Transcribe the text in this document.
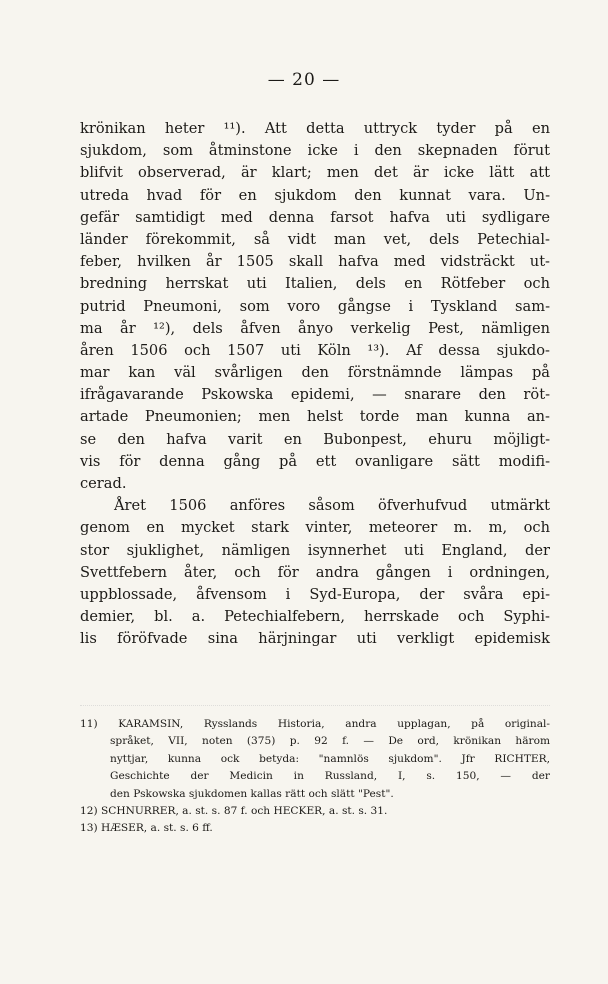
— 20 —
krönikan heter ¹¹). Att detta uttryck tyder på en
sjukdom, som åtminstone icke i den skepnaden förut
blifvit observerad, är klart; men det är icke lätt att
utreda hvad för en sjukdom den kunnat vara. Un-
gefär samtidigt med denna farsot hafva uti sydligare
länder förekommit, så vidt man vet, dels Petechial-
feber, hvilken år 1505 skall hafva med vidsträckt ut-
bredning herrskat uti Italien, dels en Rötfeber och
putrid Pneumoni, som voro gångse i Tyskland sam-
ma år ¹²), dels åfven ånyo verkelig Pest, nämligen
åren 1506 och 1507 uti Köln ¹³). Af dessa sjukdo-
mar kan väl svårligen den förstnämnde lämpas på
ifrågavarande Pskowska epidemi, — snarare den röt-
artade Pneumonien; men helst torde man kunna an-
se den hafva varit en Bubonpest, ehuru möjligt-
vis för denna gång på ett ovanligare sätt modifi-
cerad.
Året 1506 anföres såsom öfverhufvud utmärkt
genom en mycket stark vinter, meteorer m. m, och
stor sjuklighet, nämligen isynnerhet uti England, der
Svettfebern åter, och för andra gången i ordningen,
uppblossade, åfvensom i Syd-Europa, der svåra epi-
demier, bl. a. Petechialfebern, herrskade och Syphi-
lis föröfvade sina härjningar uti verkligt epidemisk
11) KARAMSIN, Rysslands Historia, andra upplagan, på original-
språket, VII, noten (375) p. 92 f. — De ord, krönikan härom
nyttjar, kunna ock betyda: "namnlös sjukdom". Jfr RICHTER,
Geschichte der Medicin in Russland, I, s. 150, — der
den Pskowska sjukdomen kallas rätt och slätt "Pest".
12) SCHNURRER, a. st. s. 87 f. och HECKER, a. st. s. 31.
13) HÆSER, a. st. s. 6 ff.
